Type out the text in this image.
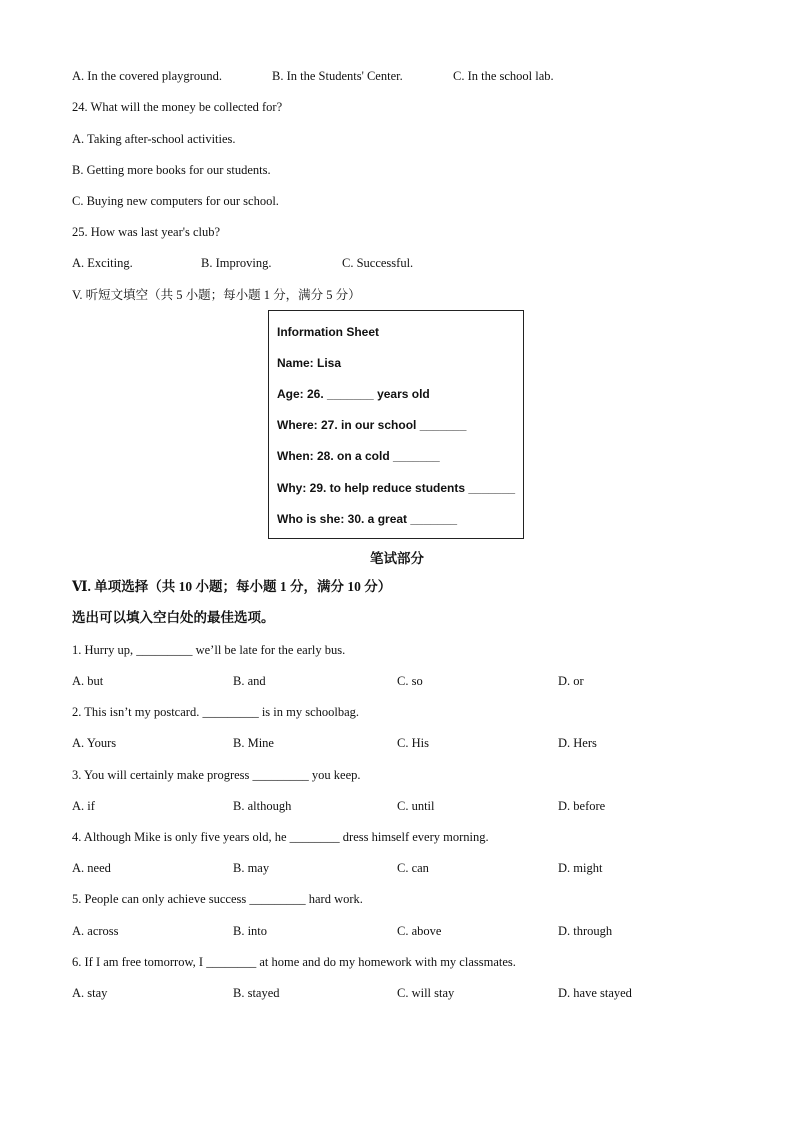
A. In the covered playground.	B. In the Students' Center.	C. In the school lab.
24. What will the money be collected for?
A. Taking after-school activities.
B. Getting more books for our students.
C. Buying new computers for our school.
25. How was last year's club?
A. Exciting.	B. Improving.	C. Successful.
V. 听短文填空（共 5 小题；每小题 1 分，满分 5 分）
Information Sheet
Name: Lisa
Age: 26. _______ years old
Where: 27. in our school _______
When: 28. on a cold _______
Why: 29. to help reduce students _______
Who is she: 30. a great _______
笔试部分
Ⅵ. 单项选择（共 10 小题；每小题 1 分，满分 10 分）
选出可以填入空白处的最佳选项。
1. Hurry up, _________ we’ll be late for the early bus.
A. but	B. and	C. so	D. or
2. This isn’t my postcard. _________ is in my schoolbag.
A. Yours	B. Mine	C. His	D. Hers
3. You will certainly make progress _________ you keep.
A. if	B. although	C. until	D. before
4. Although Mike is only five years old, he ________ dress himself every morning.
A. need	B. may	C. can	D. might
5. People can only achieve success _________ hard work.
A. across	B. into	C. above	D. through
6. If I am free tomorrow, I ________ at home and do my homework with my classmates.
A. stay	B. stayed	C. will stay	D. have stayed
